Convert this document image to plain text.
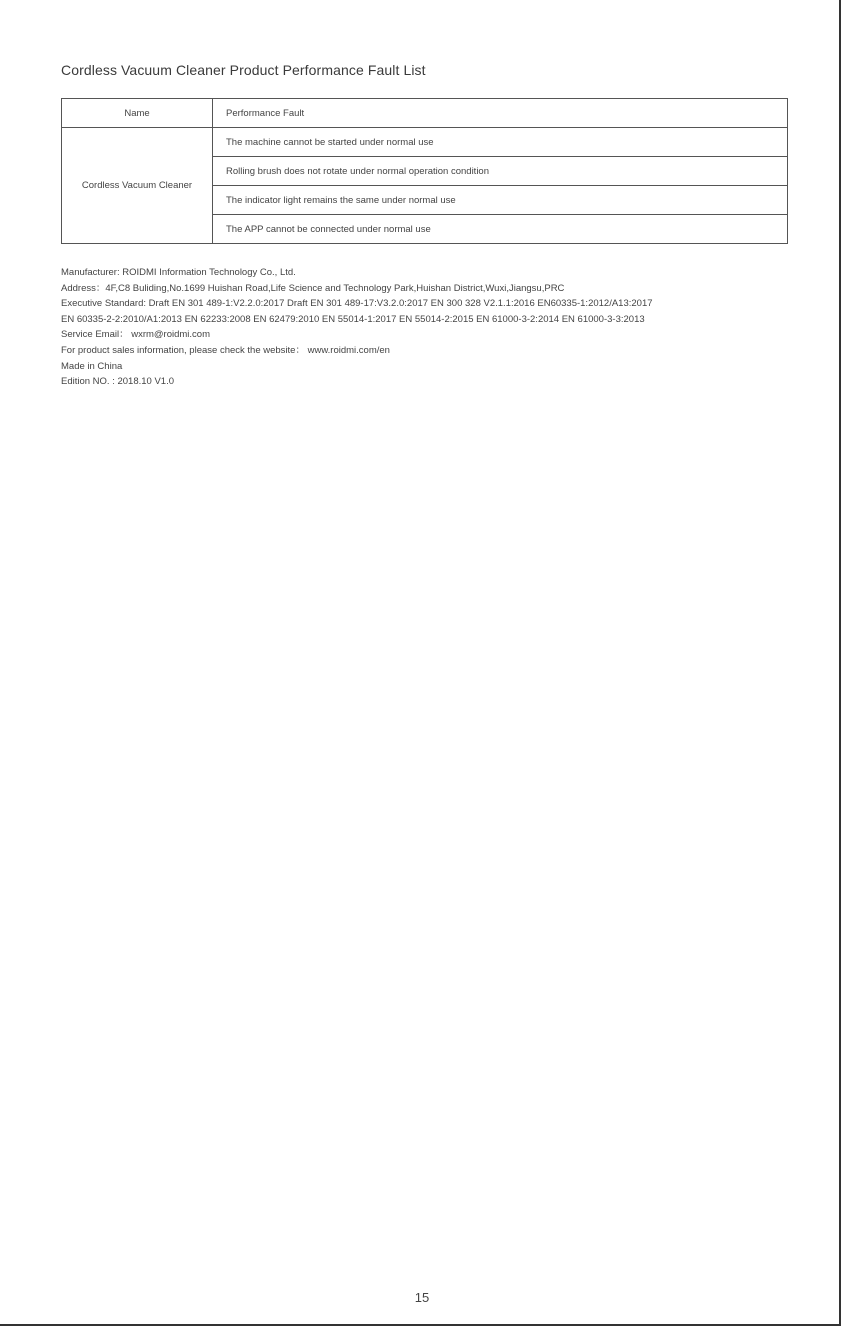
Cordless Vacuum Cleaner Product Performance Fault List
Name	Performance Fault
Cordless Vacuum Cleaner	The machine cannot be started under normal use
	Rolling brush does not rotate under normal operation condition
	The indicator light remains the same under normal use
	The APP cannot be connected under normal use
Manufacturer: ROIDMI Information Technology Co., Ltd.
Address：4F,C8 Buliding,No.1699 Huishan Road,Life Science and Technology Park,Huishan District,Wuxi,Jiangsu,PRC
Executive Standard: Draft EN 301 489-1:V2.2.0:2017 Draft EN 301 489-17:V3.2.0:2017 EN 300 328 V2.1.1:2016 EN60335-1:2012/A13:2017
EN 60335-2-2:2010/A1:2013 EN 62233:2008 EN 62479:2010 EN 55014-1:2017 EN 55014-2:2015 EN 61000-3-2:2014 EN 61000-3-3:2013
Service Email： wxrm@roidmi.com
For product sales information, please check the website： www.roidmi.com/en
Made in China
Edition NO. : 2018.10 V1.0
15
